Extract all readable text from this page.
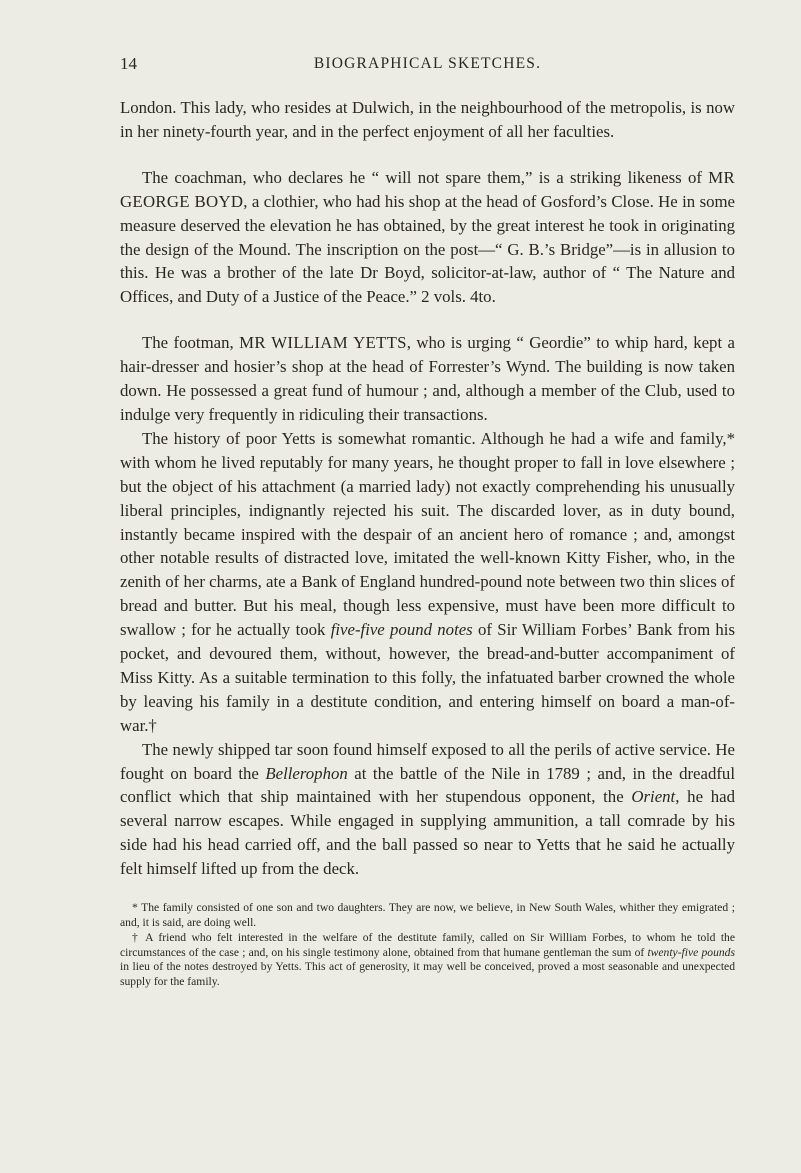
14	BIOGRAPHICAL SKETCHES.

London. This lady, who resides at Dulwich, in the neighbourhood of the metropolis, is now in her ninety-fourth year, and in the perfect enjoyment of all her faculties.

The coachman, who declares he “ will not spare them,” is a striking likeness of MR GEORGE BOYD, a clothier, who had his shop at the head of Gosford’s Close. He in some measure deserved the elevation he has obtained, by the great interest he took in originating the design of the Mound. The inscription on the post—“ G. B.’s Bridge”—is in allusion to this. He was a brother of the late Dr Boyd, solicitor-at-law, author of “ The Nature and Offices, and Duty of a Justice of the Peace.” 2 vols. 4to.

The footman, MR WILLIAM YETTS, who is urging “ Geordie” to whip hard, kept a hair-dresser and hosier’s shop at the head of Forrester’s Wynd. The building is now taken down. He possessed a great fund of humour ; and, although a member of the Club, used to indulge very frequently in ridiculing their transactions.

The history of poor Yetts is somewhat romantic. Although he had a wife and family,* with whom he lived reputably for many years, he thought proper to fall in love elsewhere ; but the object of his attachment (a married lady) not exactly comprehending his unusually liberal principles, indignantly rejected his suit. The discarded lover, as in duty bound, instantly became inspired with the despair of an ancient hero of romance ; and, amongst other notable results of distracted love, imitated the well-known Kitty Fisher, who, in the zenith of her charms, ate a Bank of England hundred-pound note between two thin slices of bread and butter. But his meal, though less expensive, must have been more difficult to swallow ; for he actually took five-five pound notes of Sir William Forbes’ Bank from his pocket, and devoured them, without, however, the bread-and-butter accompaniment of Miss Kitty. As a suitable termination to this folly, the infatuated barber crowned the whole by leaving his family in a destitute condition, and entering himself on board a man-of-war.†

The newly shipped tar soon found himself exposed to all the perils of active service. He fought on board the Bellerophon at the battle of the Nile in 1789 ; and, in the dreadful conflict which that ship maintained with her stupendous opponent, the Orient, he had several narrow escapes. While engaged in supplying ammunition, a tall comrade by his side had his head carried off, and the ball passed so near to Yetts that he said he actually felt himself lifted up from the deck.

* The family consisted of one son and two daughters. They are now, we believe, in New South Wales, whither they emigrated ; and, it is said, are doing well.

† A friend who felt interested in the welfare of the destitute family, called on Sir William Forbes, to whom he told the circumstances of the case ; and, on his single testimony alone, obtained from that humane gentleman the sum of twenty-five pounds in lieu of the notes destroyed by Yetts. This act of generosity, it may well be conceived, proved a most seasonable and unexpected supply for the family.
